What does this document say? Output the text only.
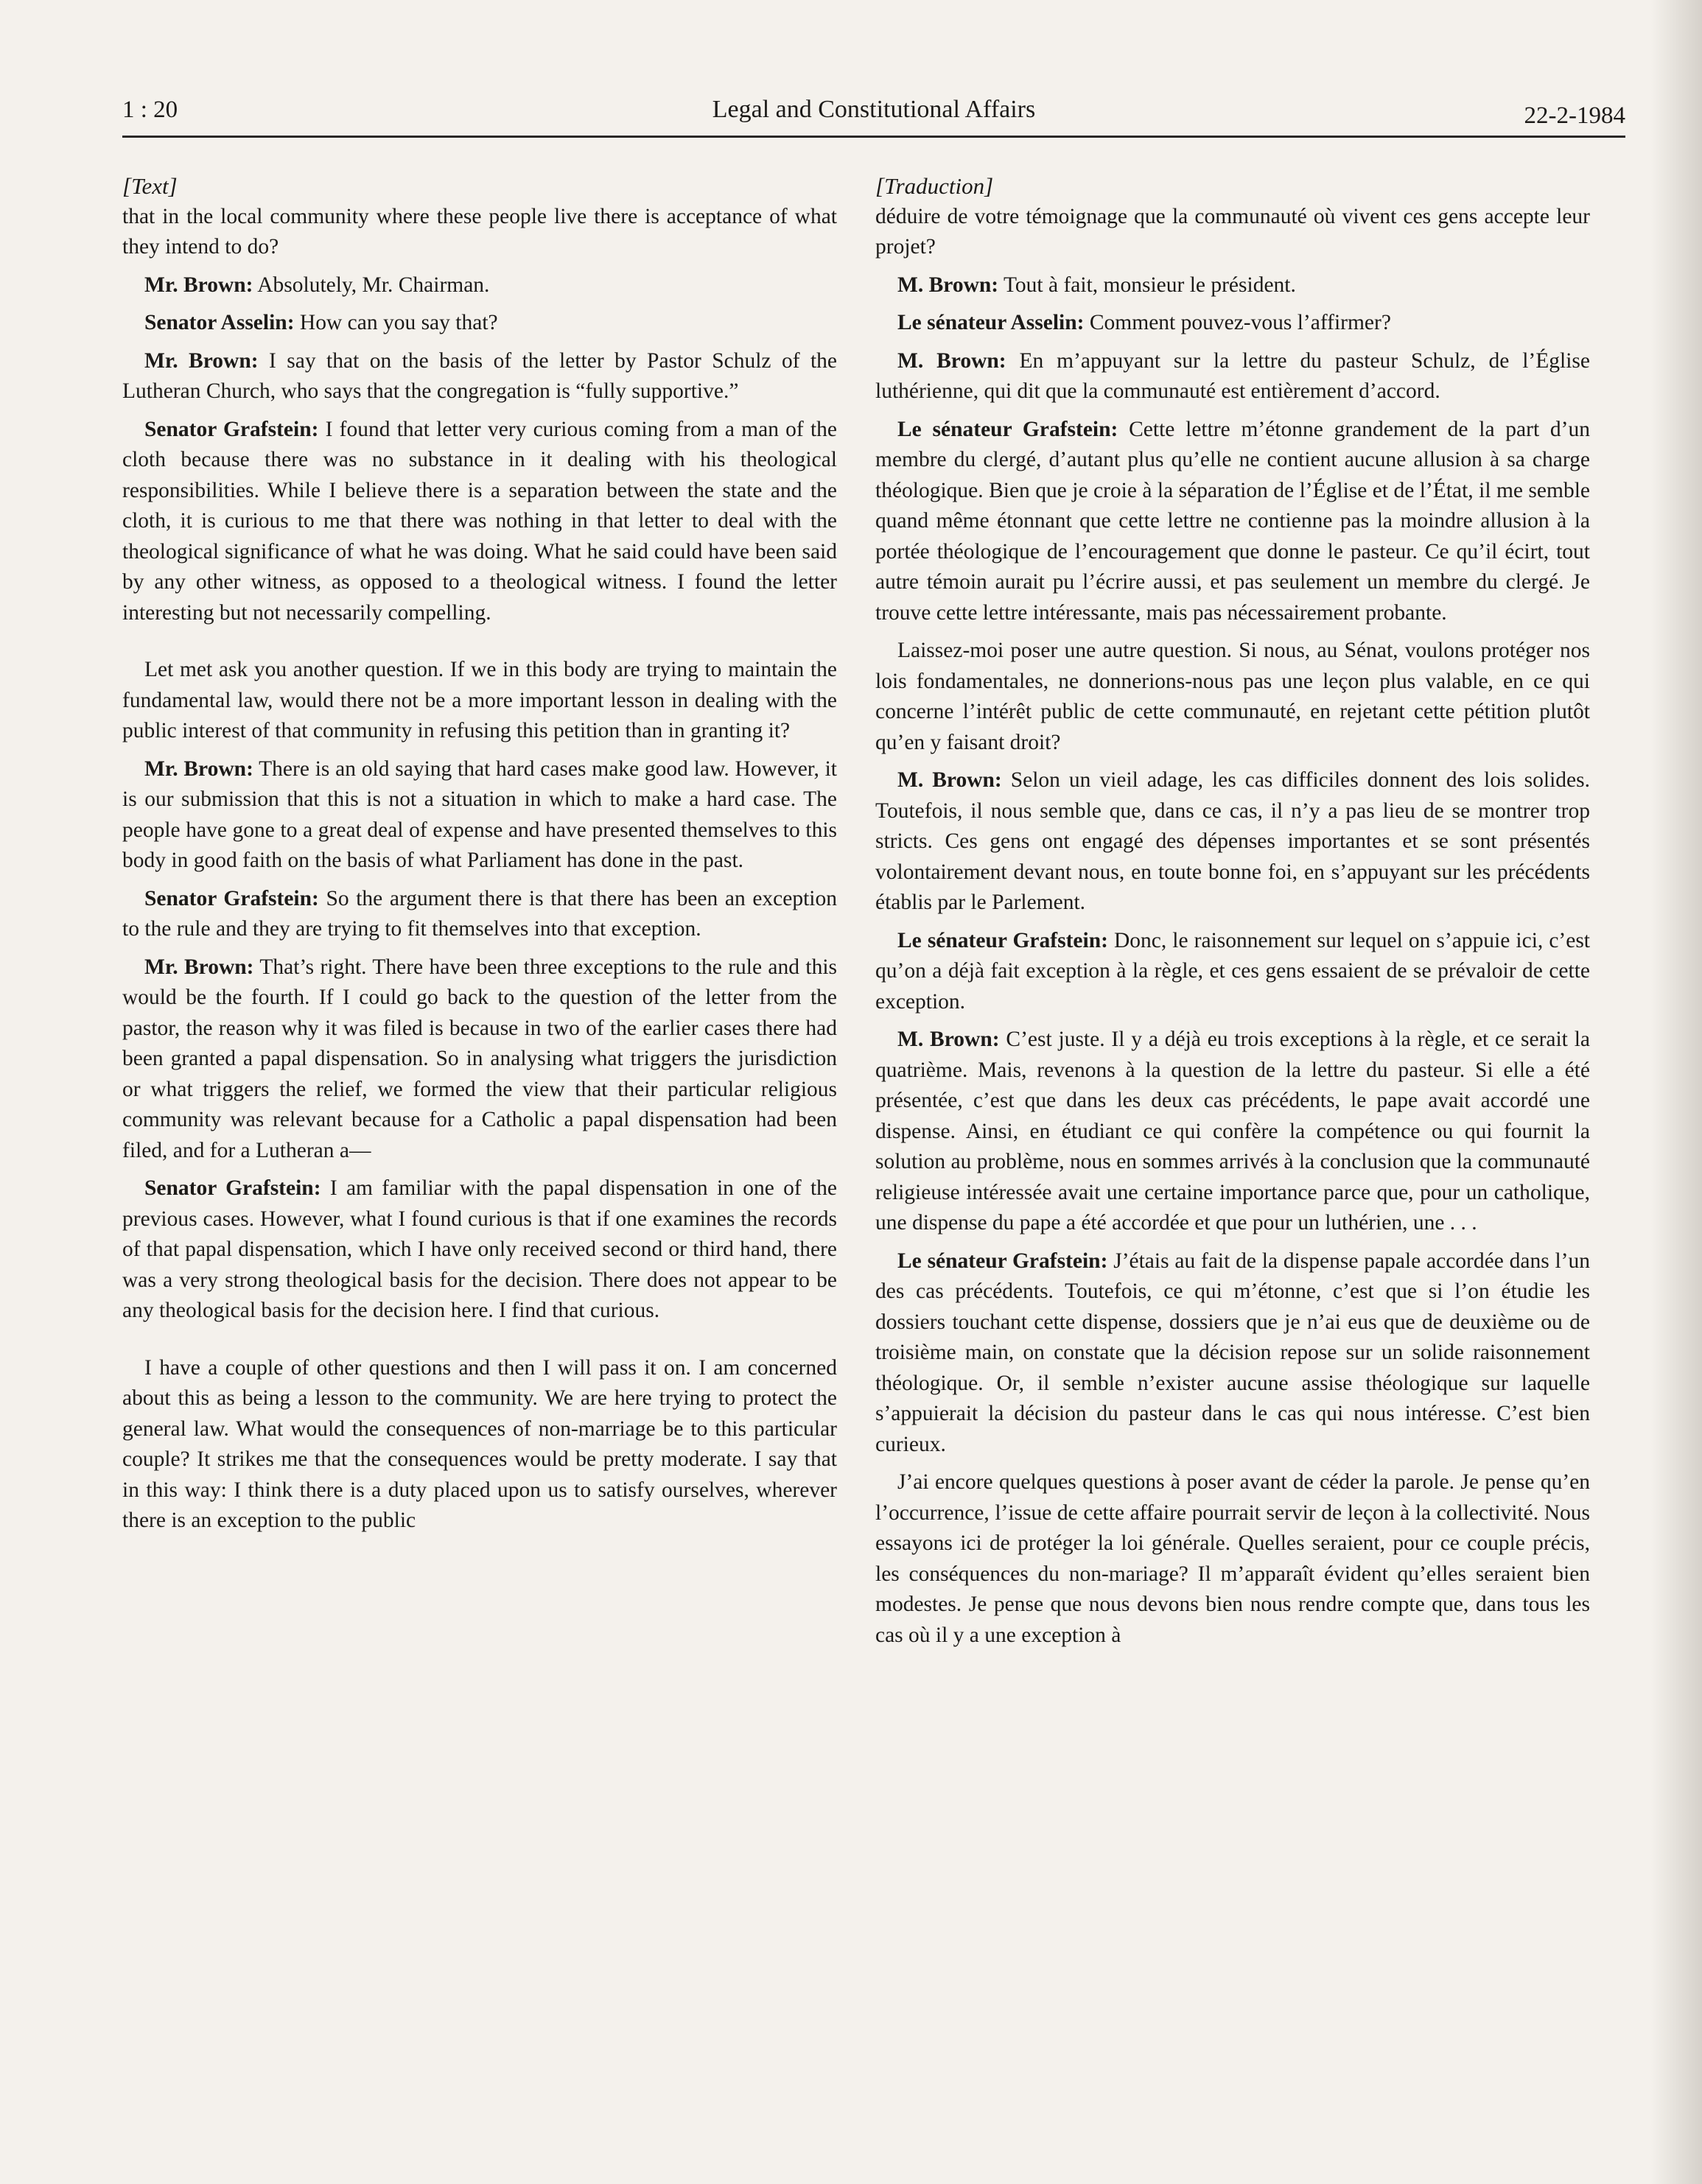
1 : 20	Legal and Constitutional Affairs	22-2-1984

[Text]

that in the local community where these people live there is acceptance of what they intend to do?

Mr. Brown: Absolutely, Mr. Chairman.

Senator Asselin: How can you say that?

Mr. Brown: I say that on the basis of the letter by Pastor Schulz of the Lutheran Church, who says that the congregation is “fully supportive.”

Senator Grafstein: I found that letter very curious coming from a man of the cloth because there was no substance in it dealing with his theological responsibilities. While I believe there is a separation between the state and the cloth, it is curious to me that there was nothing in that letter to deal with the theological significance of what he was doing. What he said could have been said by any other witness, as opposed to a theological witness. I found the letter interesting but not necessarily compelling.

Let met ask you another question. If we in this body are trying to maintain the fundamental law, would there not be a more important lesson in dealing with the public interest of that community in refusing this petition than in granting it?

Mr. Brown: There is an old saying that hard cases make good law. However, it is our submission that this is not a situation in which to make a hard case. The people have gone to a great deal of expense and have presented themselves to this body in good faith on the basis of what Parliament has done in the past.

Senator Grafstein: So the argument there is that there has been an exception to the rule and they are trying to fit themselves into that exception.

Mr. Brown: That’s right. There have been three exceptions to the rule and this would be the fourth. If I could go back to the question of the letter from the pastor, the reason why it was filed is because in two of the earlier cases there had been granted a papal dispensation. So in analysing what triggers the jurisdiction or what triggers the relief, we formed the view that their particular religious community was relevant because for a Catholic a papal dispensation had been filed, and for a Lutheran a—

Senator Grafstein: I am familiar with the papal dispensation in one of the previous cases. However, what I found curious is that if one examines the records of that papal dispensation, which I have only received second or third hand, there was a very strong theological basis for the decision. There does not appear to be any theological basis for the decision here. I find that curious.

I have a couple of other questions and then I will pass it on. I am concerned about this as being a lesson to the community. We are here trying to protect the general law. What would the consequences of non-marriage be to this particular couple? It strikes me that the consequences would be pretty moderate. I say that in this way: I think there is a duty placed upon us to satisfy ourselves, wherever there is an exception to the public

[Traduction]

déduire de votre témoignage que la communauté où vivent ces gens accepte leur projet?

M. Brown: Tout à fait, monsieur le président.

Le sénateur Asselin: Comment pouvez-vous l’affirmer?

M. Brown: En m’appuyant sur la lettre du pasteur Schulz, de l’Église luthérienne, qui dit que la communauté est entièrement d’accord.

Le sénateur Grafstein: Cette lettre m’étonne grandement de la part d’un membre du clergé, d’autant plus qu’elle ne contient aucune allusion à sa charge théologique. Bien que je croie à la séparation de l’Église et de l’État, il me semble quand même étonnant que cette lettre ne contienne pas la moindre allusion à la portée théologique de l’encouragement que donne le pasteur. Ce qu’il écirt, tout autre témoin aurait pu l’écrire aussi, et pas seulement un membre du clergé. Je trouve cette lettre intéressante, mais pas nécessairement probante.

Laissez-moi poser une autre question. Si nous, au Sénat, voulons protéger nos lois fondamentales, ne donnerions-nous pas une leçon plus valable, en ce qui concerne l’intérêt public de cette communauté, en rejetant cette pétition plutôt qu’en y faisant droit?

M. Brown: Selon un vieil adage, les cas difficiles donnent des lois solides. Toutefois, il nous semble que, dans ce cas, il n’y a pas lieu de se montrer trop stricts. Ces gens ont engagé des dépenses importantes et se sont présentés volontairement devant nous, en toute bonne foi, en s’appuyant sur les précédents établis par le Parlement.

Le sénateur Grafstein: Donc, le raisonnement sur lequel on s’appuie ici, c’est qu’on a déjà fait exception à la règle, et ces gens essaient de se prévaloir de cette exception.

M. Brown: C’est juste. Il y a déjà eu trois exceptions à la règle, et ce serait la quatrième. Mais, revenons à la question de la lettre du pasteur. Si elle a été présentée, c’est que dans les deux cas précédents, le pape avait accordé une dispense. Ainsi, en étudiant ce qui confère la compétence ou qui fournit la solution au problème, nous en sommes arrivés à la conclusion que la communauté religieuse intéressée avait une certaine importance parce que, pour un catholique, une dispense du pape a été accordée et que pour un luthérien, une . . .

Le sénateur Grafstein: J’étais au fait de la dispense papale accordée dans l’un des cas précédents. Toutefois, ce qui m’étonne, c’est que si l’on étudie les dossiers touchant cette dispense, dossiers que je n’ai eus que de deuxième ou de troisième main, on constate que la décision repose sur un solide raisonnement théologique. Or, il semble n’exister aucune assise théologique sur laquelle s’appuierait la décision du pasteur dans le cas qui nous intéresse. C’est bien curieux.

J’ai encore quelques questions à poser avant de céder la parole. Je pense qu’en l’occurrence, l’issue de cette affaire pourrait servir de leçon à la collectivité. Nous essayons ici de protéger la loi générale. Quelles seraient, pour ce couple précis, les conséquences du non-mariage? Il m’apparaît évident qu’elles seraient bien modestes. Je pense que nous devons bien nous rendre compte que, dans tous les cas où il y a une exception à
